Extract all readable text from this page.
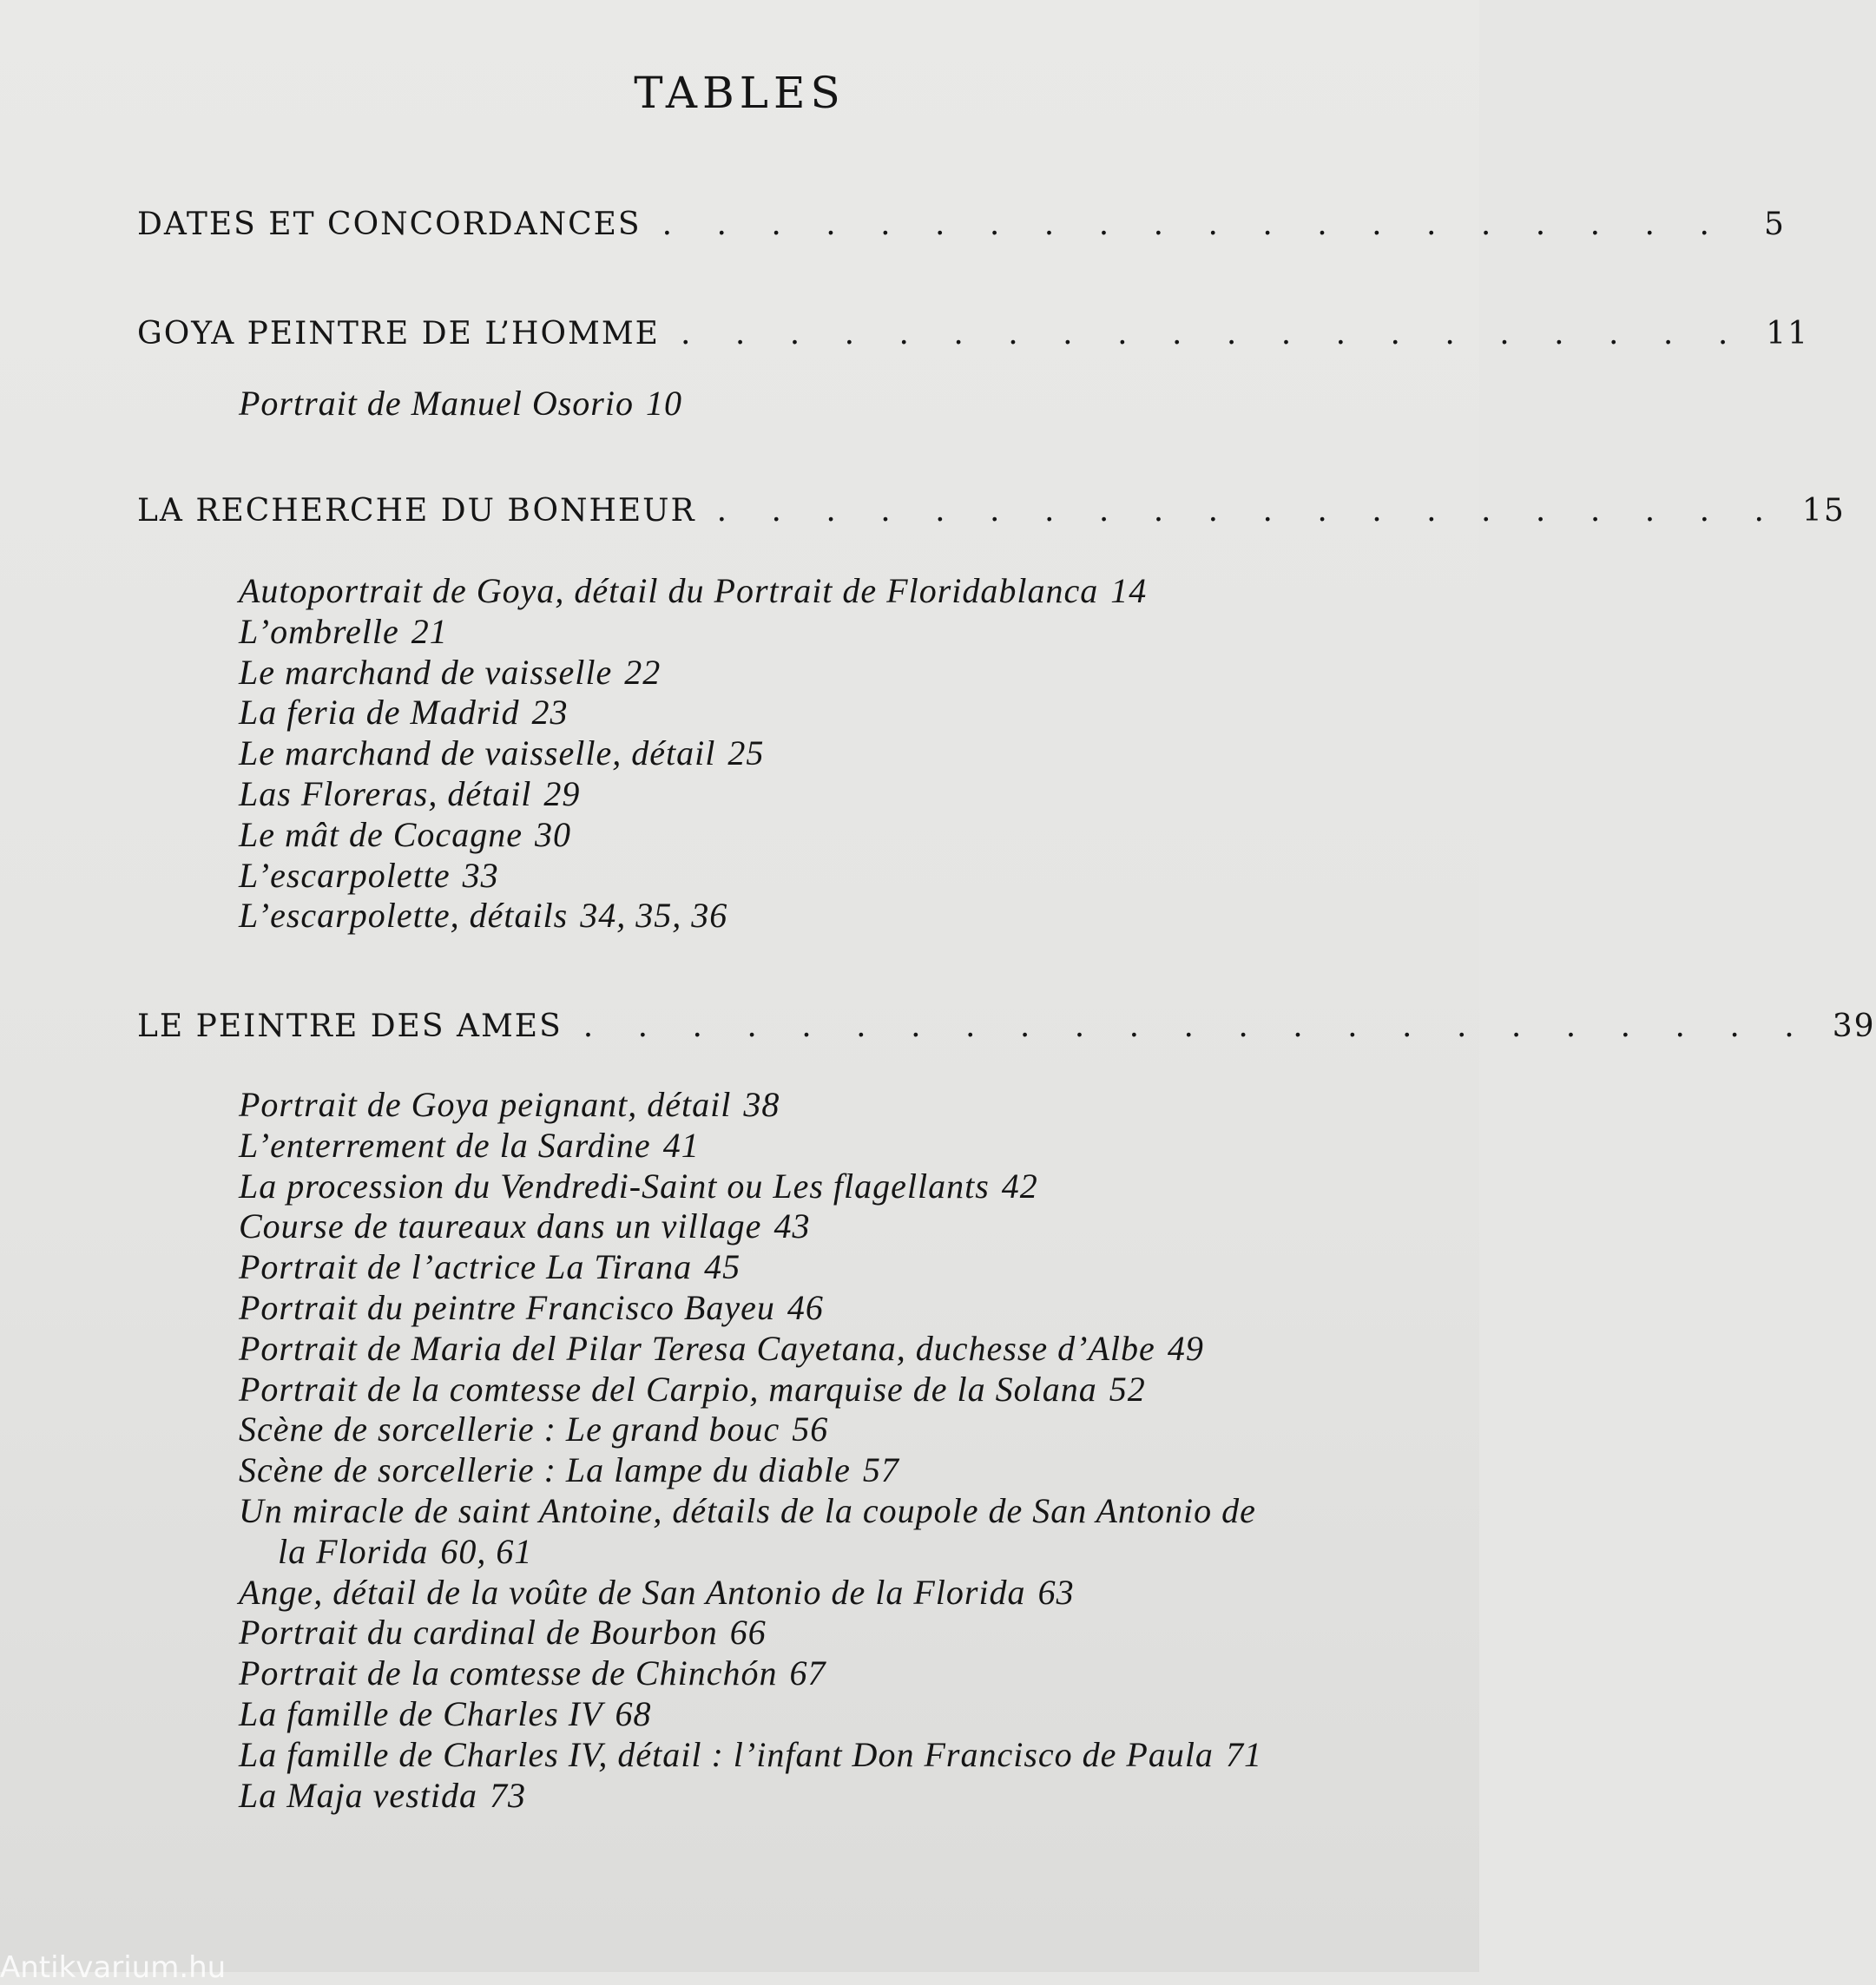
TABLES
DATES ET CONCORDANCES . . . . . . . . . . . . . . . . . . . .	5
GOYA PEINTRE DE L’HOMME . . . . . . . . . . . . . . . . . . . . 11
Portrait de Manuel Osorio 10
LA RECHERCHE DU BONHEUR . . . . . . . . . . . . . . . . . . . . 15
Autoportrait de Goya, détail du Portrait de Floridablanca 14
L’ombrelle 21
Le marchand de vaisselle 22
La feria de Madrid 23
Le marchand de vaisselle, détail 25
Las Floreras, détail 29
Le mât de Cocagne 30
L’escarpolette 33
L’escarpolette, détails 34, 35, 36
LE PEINTRE DES AMES . . . . . . . . . . . . . . . . . . . . . . . 39
Portrait de Goya peignant, détail 38
L’enterrement de la Sardine 41
La procession du Vendredi-Saint ou Les flagellants 42
Course de taureaux dans un village 43
Portrait de l’actrice La Tirana 45
Portrait du peintre Francisco Bayeu 46
Portrait de Maria del Pilar Teresa Cayetana, duchesse d’Albe 49
Portrait de la comtesse del Carpio, marquise de la Solana 52
Scène de sorcellerie : Le grand bouc 56
Scène de sorcellerie : La lampe du diable 57
Un miracle de saint Antoine, détails de la coupole de San Antonio de la Florida 60, 61
Ange, détail de la voûte de San Antonio de la Florida 63
Portrait du cardinal de Bourbon 66
Portrait de la comtesse de Chinchón 67
La famille de Charles IV 68
La famille de Charles IV, détail : l’infant Don Francisco de Paula 71
La Maja vestida 73
Antikvarium.hu
